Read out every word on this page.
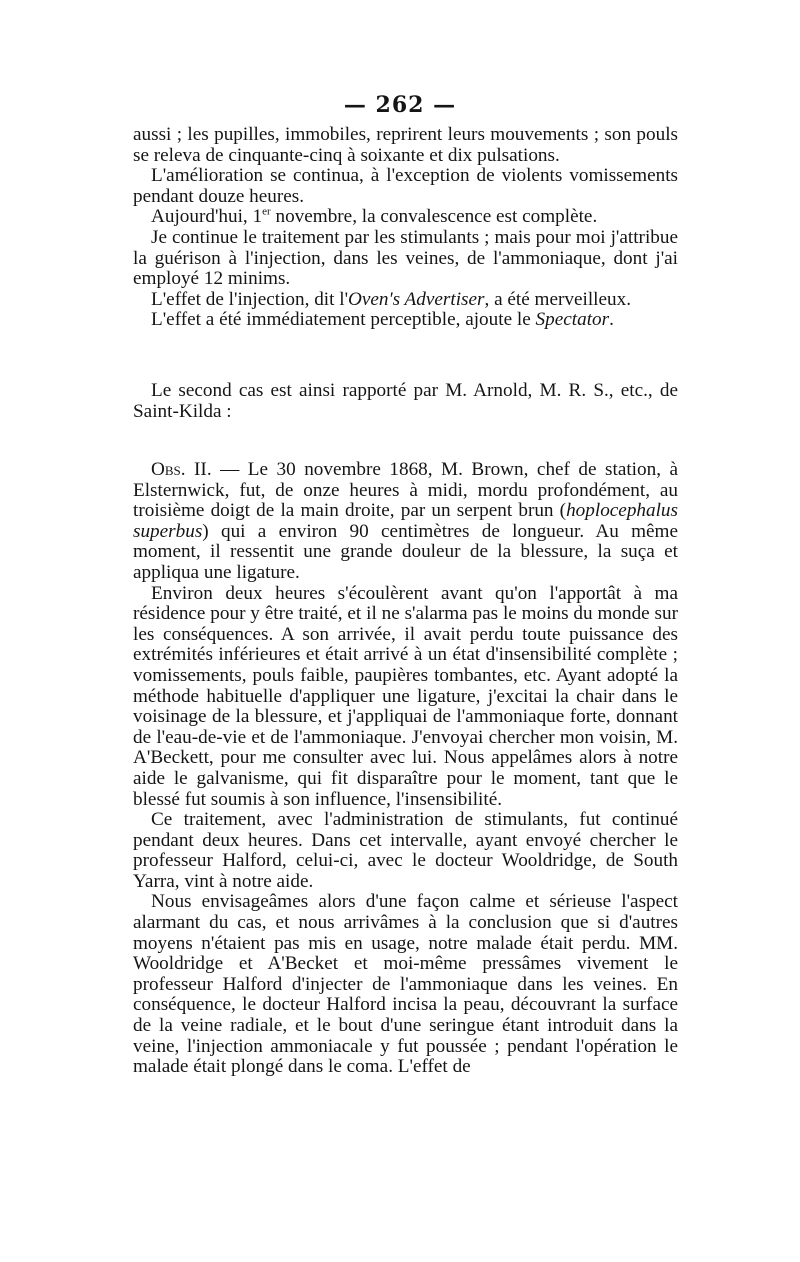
— 262 —

aussi ; les pupilles, immobiles, reprirent leurs mouvements ; son pouls se releva de cinquante-cinq à soixante et dix pulsations.

L'amélioration se continua, à l'exception de violents vomissements pendant douze heures.

Aujourd'hui, 1er novembre, la convalescence est complète.

Je continue le traitement par les stimulants ; mais pour moi j'attribue la guérison à l'injection, dans les veines, de l'ammoniaque, dont j'ai employé 12 minims.

L'effet de l'injection, dit l'Oven's Advertiser, a été merveilleux.

L'effet a été immédiatement perceptible, ajoute le Spectator.

Le second cas est ainsi rapporté par M. Arnold, M. R. S., etc., de Saint-Kilda :

Obs. II. — Le 30 novembre 1868, M. Brown, chef de station, à Elsternwick, fut, de onze heures à midi, mordu profondément, au troisième doigt de la main droite, par un serpent brun (hoplocephalus superbus) qui a environ 90 centimètres de longueur. Au même moment, il ressentit une grande douleur de la blessure, la suça et appliqua une ligature.

Environ deux heures s'écoulèrent avant qu'on l'apportât à ma résidence pour y être traité, et il ne s'alarma pas le moins du monde sur les conséquences. A son arrivée, il avait perdu toute puissance des extrémités inférieures et était arrivé à un état d'insensibilité complète ; vomissements, pouls faible, paupières tombantes, etc. Ayant adopté la méthode habituelle d'appliquer une ligature, j'excitai la chair dans le voisinage de la blessure, et j'appliquai de l'ammoniaque forte, donnant de l'eau-de-vie et de l'ammoniaque. J'envoyai chercher mon voisin, M. A'Beckett, pour me consulter avec lui. Nous appelâmes alors à notre aide le galvanisme, qui fit disparaître pour le moment, tant que le blessé fut soumis à son influence, l'insensibilité.

Ce traitement, avec l'administration de stimulants, fut continué pendant deux heures. Dans cet intervalle, ayant envoyé chercher le professeur Halford, celui-ci, avec le docteur Wooldridge, de South Yarra, vint à notre aide.

Nous envisageâmes alors d'une façon calme et sérieuse l'aspect alarmant du cas, et nous arrivâmes à la conclusion que si d'autres moyens n'étaient pas mis en usage, notre malade était perdu. MM. Wooldridge et A'Becket et moi-même pressâmes vivement le professeur Halford d'injecter de l'ammoniaque dans les veines. En conséquence, le docteur Halford incisa la peau, découvrant la surface de la veine radiale, et le bout d'une seringue étant introduit dans la veine, l'injection ammoniacale y fut poussée ; pendant l'opération le malade était plongé dans le coma. L'effet de
